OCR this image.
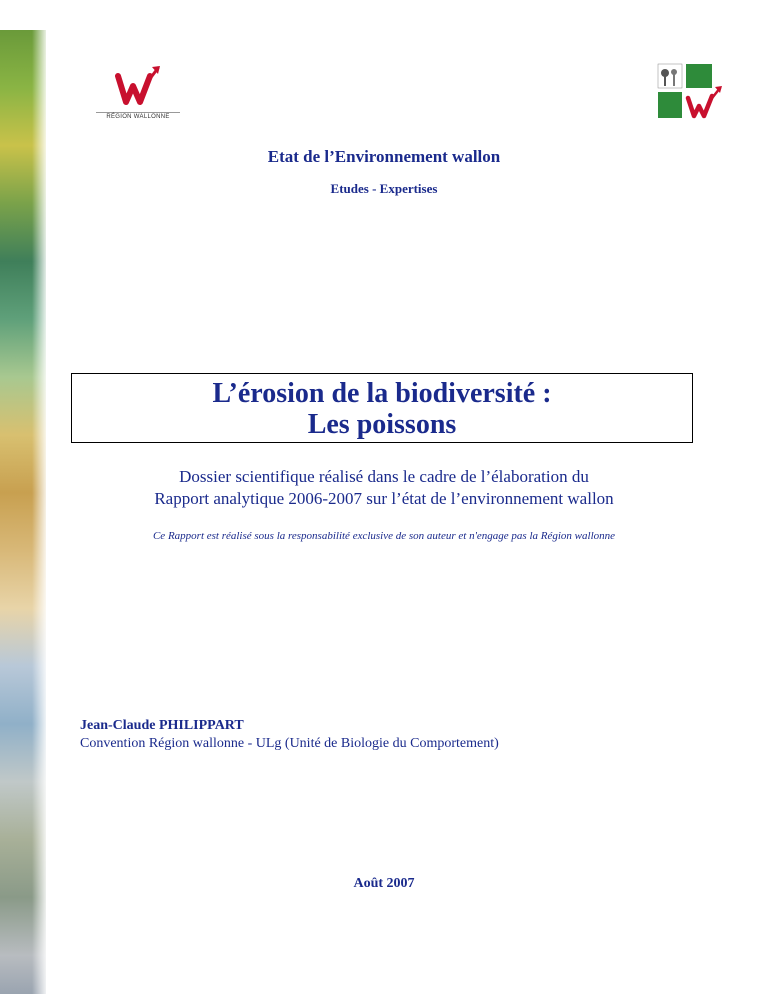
RÉGION WALLONNE
Etat de l’Environnement wallon
Etudes - Expertises
L’érosion de la biodiversité :
Les poissons
Dossier scientifique réalisé dans le cadre de l’élaboration du
Rapport analytique 2006-2007 sur l’état de l’environnement wallon
Ce Rapport est réalisé sous la responsabilité exclusive de son auteur et n'engage pas la Région wallonne
Jean-Claude PHILIPPART
Convention Région wallonne - ULg (Unité de Biologie du Comportement)
Août 2007
